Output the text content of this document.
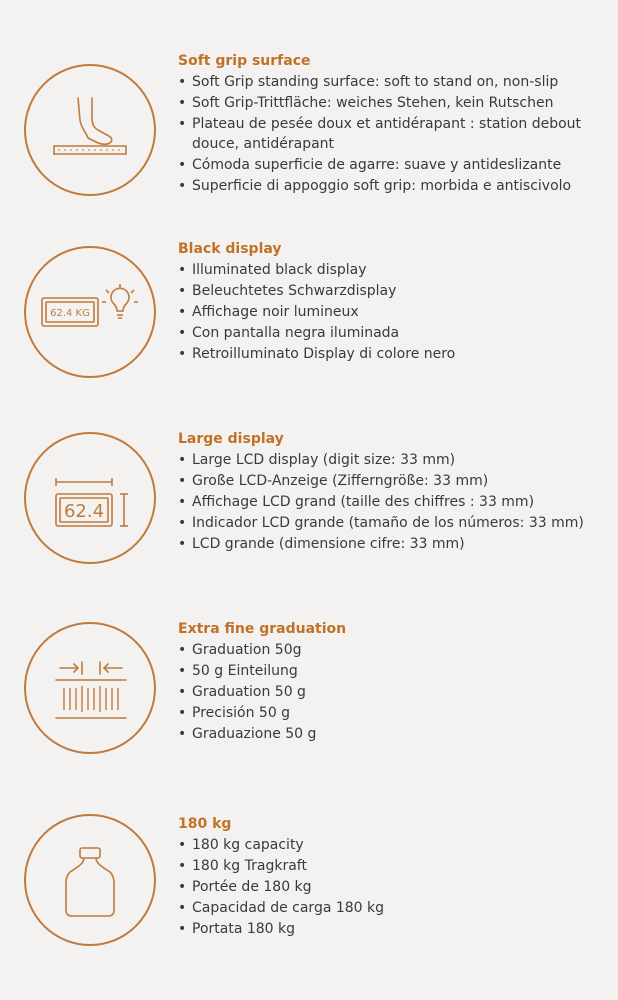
Soft grip surface
• Soft Grip standing surface: soft to stand on, non-slip
• Soft Grip-Trittfläche: weiches Stehen, kein Rutschen
• Plateau de pesée doux et antidérapant : station debout douce, antidérapant
• Cómoda superficie de agarre: suave y antideslizante
• Superficie di appoggio soft grip: morbida e antiscivolo
62.4 KG
Black display
• Illuminated black display
• Beleuchtetes Schwarzdisplay
• Affichage noir lumineux
• Con pantalla negra iluminada
• Retroilluminato Display di colore nero
62.4
Large display
• Large LCD display (digit size: 33 mm)
• Große LCD-Anzeige (Zifferngröße: 33 mm)
• Affichage LCD grand (taille des chiffres : 33 mm)
• Indicador LCD grande (tamaño de los números: 33 mm)
• LCD grande (dimensione cifre: 33 mm)
Extra fine graduation
• Graduation 50g
• 50 g Einteilung
• Graduation 50 g
• Precisión 50 g
• Graduazione 50 g
180 kg
• 180 kg capacity
• 180 kg Tragkraft
• Portée de 180 kg
• Capacidad de carga 180 kg
• Portata 180 kg
